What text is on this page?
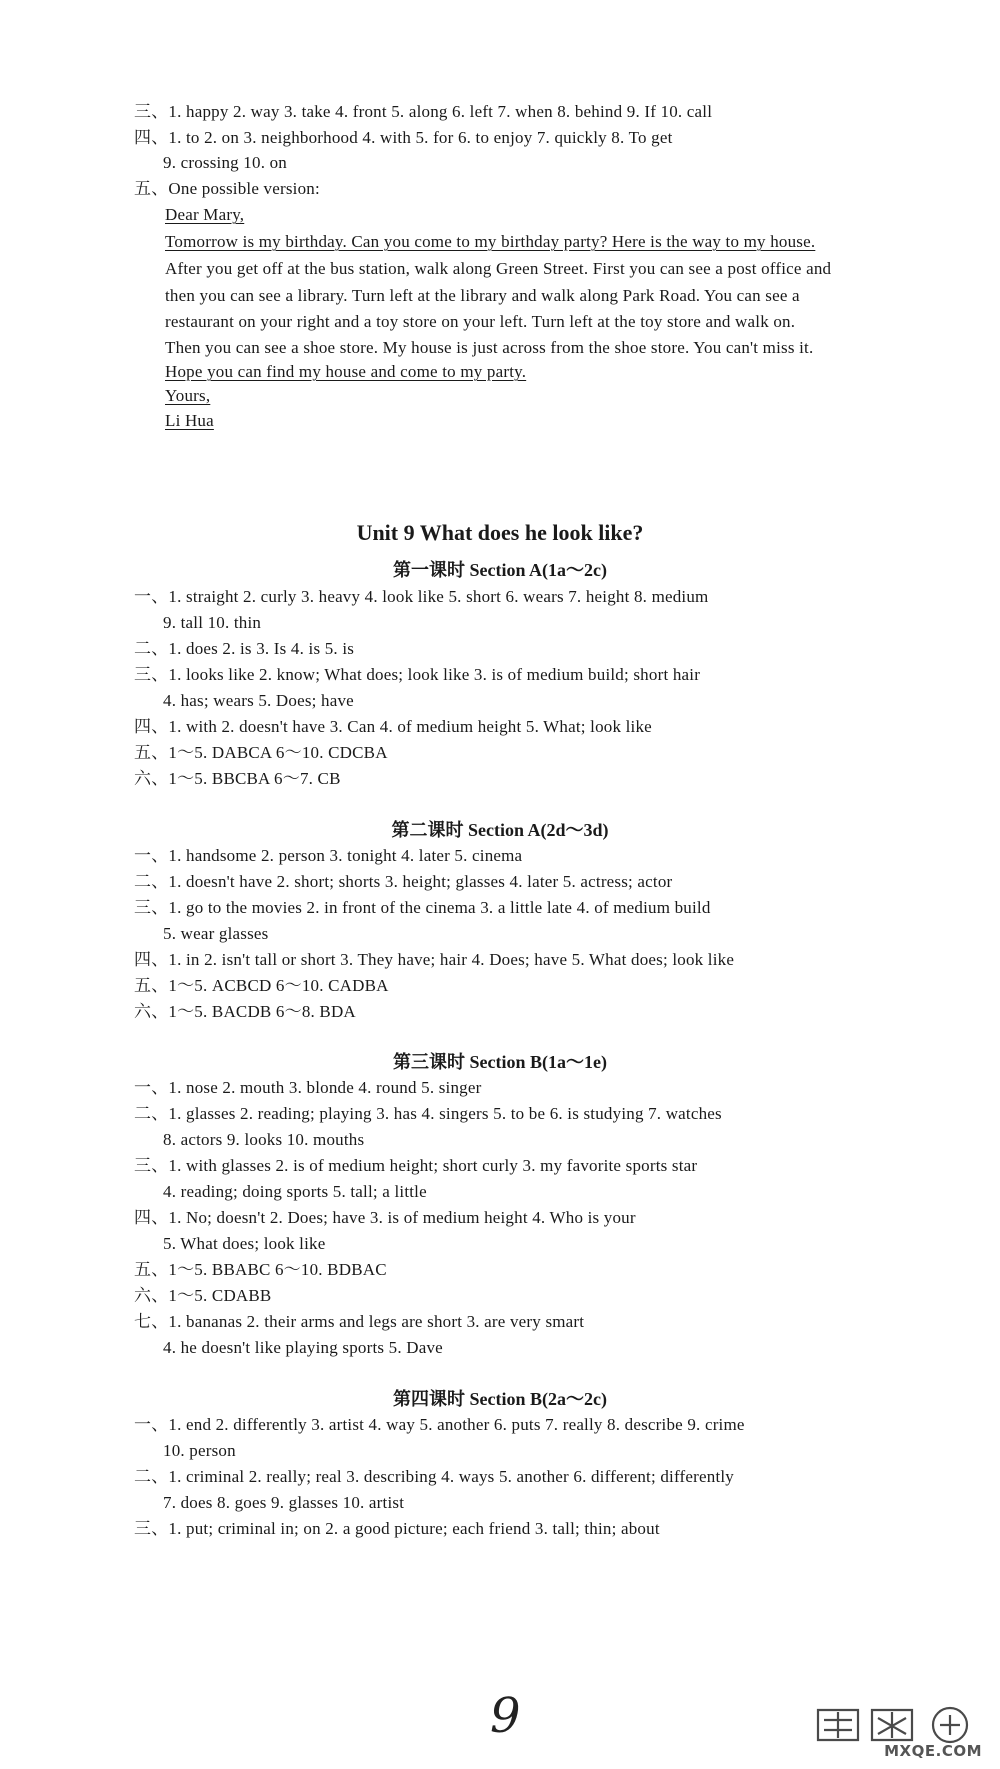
三、1. happy 2. way 3. take 4. front 5. along 6. left 7. when 8. behind 9. If 10. call
四、1. to 2. on 3. neighborhood 4. with 5. for 6. to enjoy 7. quickly 8. To get
9. crossing 10. on
五、One possible version:
Dear Mary,
Tomorrow is my birthday. Can you come to my birthday party? Here is the way to my house.
After you get off at the bus station, walk along Green Street. First you can see a post office and
then you can see a library. Turn left at the library and walk along Park Road. You can see a
restaurant on your right and a toy store on your left. Turn left at the toy store and walk on.
Then you can see a shoe store. My house is just across from the shoe store. You can't miss it.
Hope you can find my house and come to my party.
Yours,
Li Hua
Unit 9 What does he look like?
第一课时 Section A(1a～2c)
一、1. straight 2. curly 3. heavy 4. look like 5. short 6. wears 7. height 8. medium
9. tall 10. thin
二、1. does 2. is 3. Is 4. is 5. is
三、1. looks like 2. know; What does; look like 3. is of medium build; short hair
4. has; wears 5. Does; have
四、1. with 2. doesn't have 3. Can 4. of medium height 5. What; look like
五、1～5. DABCA 6～10. CDCBA
六、1～5. BBCBA 6～7. CB
第二课时 Section A(2d～3d)
一、1. handsome 2. person 3. tonight 4. later 5. cinema
二、1. doesn't have 2. short; shorts 3. height; glasses 4. later 5. actress; actor
三、1. go to the movies 2. in front of the cinema 3. a little late 4. of medium build
5. wear glasses
四、1. in 2. isn't tall or short 3. They have; hair 4. Does; have 5. What does; look like
五、1～5. ACBCD 6～10. CADBA
六、1～5. BACDB 6～8. BDA
第三课时 Section B(1a～1e)
一、1. nose 2. mouth 3. blonde 4. round 5. singer
二、1. glasses 2. reading; playing 3. has 4. singers 5. to be 6. is studying 7. watches
8. actors 9. looks 10. mouths
三、1. with glasses 2. is of medium height; short curly 3. my favorite sports star
4. reading; doing sports 5. tall; a little
四、1. No; doesn't 2. Does; have 3. is of medium height 4. Who is your
5. What does; look like
五、1～5. BBABC 6～10. BDBAC
六、1～5. CDABB
七、1. bananas 2. their arms and legs are short 3. are very smart
4. he doesn't like playing sports 5. Dave
第四课时 Section B(2a～2c)
一、1. end 2. differently 3. artist 4. way 5. another 6. puts 7. really 8. describe 9. crime
10. person
二、1. criminal 2. really; real 3. describing 4. ways 5. another 6. different; differently
7. does 8. goes 9. glasses 10. artist
三、1. put; criminal in; on 2. a good picture; each friend 3. tall; thin; about
9
MXQE.COM
